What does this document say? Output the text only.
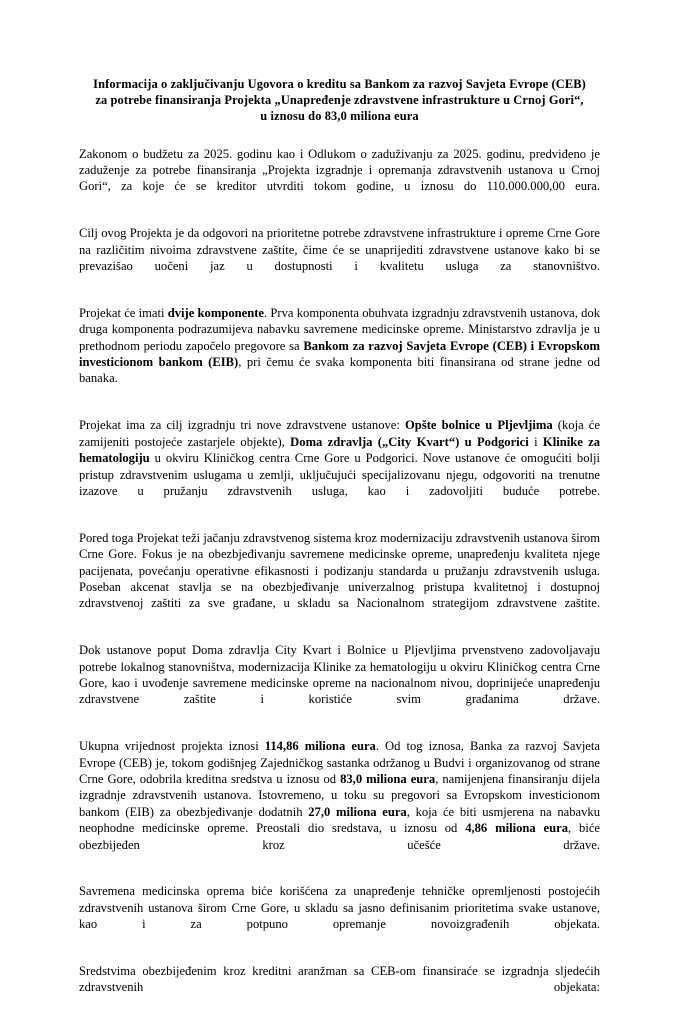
Informacija o zaključivanju Ugovora o kreditu sa Bankom za razvoj Savjeta Evrope (CEB)
za potrebe finansiranja Projekta „Unapređenje zdravstvene infrastrukture u Crnoj Gori“,
u iznosu do 83,0 miliona eura

Zakonom o budžetu za 2025. godinu kao i Odlukom o zaduživanju za 2025. godinu, predviđeno je zaduženje za potrebe finansiranja „Projekta izgradnje i opremanja zdravstvenih ustanova u Crnoj Gori“, za koje će se kreditor utvrditi tokom godine, u iznosu do 110.000.000,00 eura.

Cilj ovog Projekta je da odgovori na prioritetne potrebe zdravstvene infrastrukture i opreme Crne Gore na različitim nivoima zdravstvene zaštite, čime će se unaprijediti zdravstvene ustanove kako bi se prevazišao uočeni jaz u dostupnosti i kvalitetu usluga za stanovništvo.

Projekat će imati dvije komponente. Prva komponenta obuhvata izgradnju zdravstvenih ustanova, dok druga komponenta podrazumijeva nabavku savremene medicinske opreme. Ministarstvo zdravlja je u prethodnom periodu započelo pregovore sa Bankom za razvoj Savjeta Evrope (CEB) i Evropskom investicionom bankom (EIB), pri čemu će svaka komponenta biti finansirana od strane jedne od banaka.

Projekat ima za cilj izgradnju tri nove zdravstvene ustanove: Opšte bolnice u Pljevljima (koja će zamijeniti postojeće zastarjele objekte), Doma zdravlja („City Kvart“) u Podgorici i Klinike za hematologiju u okviru Kliničkog centra Crne Gore u Podgorici. Nove ustanove će omogućiti bolji pristup zdravstvenim uslugama u zemlji, uključujući specijalizovanu njegu, odgovoriti na trenutne izazove u pružanju zdravstvenih usluga, kao i zadovoljiti buduće potrebe.

Pored toga Projekat teži jačanju zdravstvenog sistema kroz modernizaciju zdravstvenih ustanova širom Crne Gore. Fokus je na obezbjeđivanju savremene medicinske opreme, unapređenju kvaliteta njege pacijenata, povećanju operativne efikasnosti i podizanju standarda u pružanju zdravstvenih usluga. Poseban akcenat stavlja se na obezbjeđivanje univerzalnog pristupa kvalitetnoj i dostupnoj zdravstvenoj zaštiti za sve građane, u skladu sa Nacionalnom strategijom zdravstvene zaštite.

Dok ustanove poput Doma zdravlja City Kvart i Bolnice u Pljevljima prvenstveno zadovoljavaju potrebe lokalnog stanovništva, modernizacija Klinike za hematologiju u okviru Kliničkog centra Crne Gore, kao i uvođenje savremene medicinske opreme na nacionalnom nivou, doprinijeće unapređenju zdravstvene zaštite i koristiće svim građanima države.

Ukupna vrijednost projekta iznosi 114,86 miliona eura. Od tog iznosa, Banka za razvoj Savjeta Evrope (CEB) je, tokom godišnjeg Zajedničkog sastanka održanog u Budvi i organizovanog od strane Crne Gore, odobrila kreditna sredstva u iznosu od 83,0 miliona eura, namijenjena finansiranju dijela izgradnje zdravstvenih ustanova. Istovremeno, u toku su pregovori sa Evropskom investicionom bankom (EIB) za obezbjeđivanje dodatnih 27,0 miliona eura, koja će biti usmjerena na nabavku neophodne medicinske opreme. Preostali dio sredstava, u iznosu od 4,86 miliona eura, biće obezbijeđen kroz učešće države.

Savremena medicinska oprema biće korišćena za unapređenje tehničke opremljenosti postojećih zdravstvenih ustanova širom Crne Gore, u skladu sa jasno definisanim prioritetima svake ustanove, kao i za potpuno opremanje novoizgrađenih objekata.

Sredstvima obezbijeđenim kroz kreditni aranžman sa CEB-om finansiraće se izgradnja sljedećih zdravstvenih objekata:
